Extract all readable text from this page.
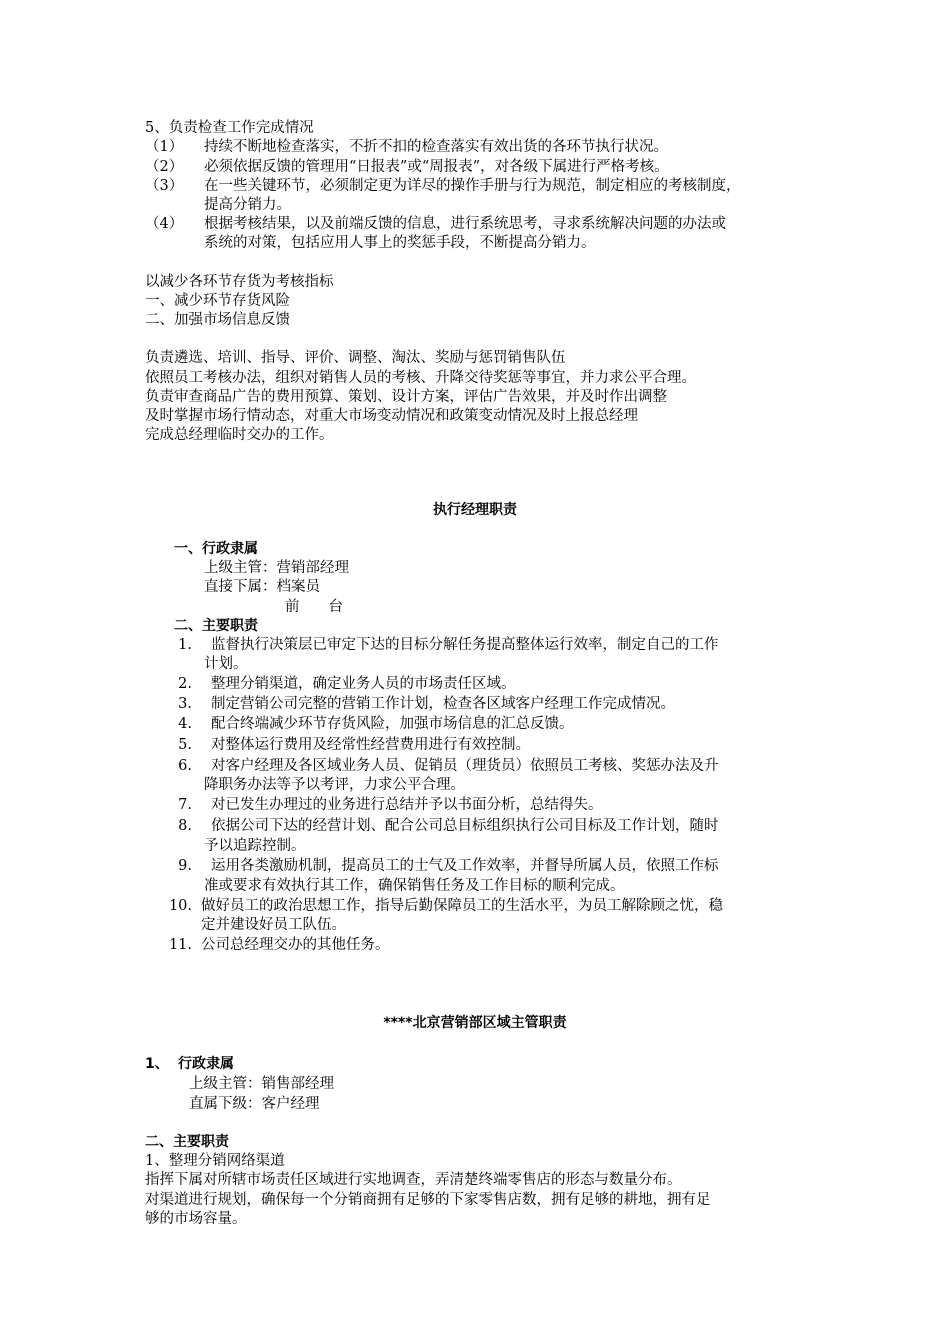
5、负责检查工作完成情况
（1） 持续不断地检查落实，不折不扣的检查落实有效出货的各环节执行状况。
（2） 必须依据反馈的管理用“日报表”或“周报表”，对各级下属进行严格考核。
（3） 在一些关键环节，必须制定更为详尽的操作手册与行为规范，制定相应的考核制度，
提高分销力。
（4） 根据考核结果，以及前端反馈的信息，进行系统思考，寻求系统解决问题的办法或
系统的对策，包括应用人事上的奖惩手段，不断提高分销力。
以减少各环节存货为考核指标
一、减少环节存货风险
二、加强市场信息反馈
负责遴选、培训、指导、评价、调整、淘汰、奖励与惩罚销售队伍
依照员工考核办法，组织对销售人员的考核、升降交待奖惩等事宜，并力求公平合理。
负责审查商品广告的费用预算、策划、设计方案，评估广告效果，并及时作出调整
及时掌握市场行情动态，对重大市场变动情况和政策变动情况及时上报总经理
完成总经理临时交办的工作。
执行经理职责
一、行政隶属
上级主管：营销部经理
直接下属：档案员
前　　台
二、主要职责
1. 监督执行决策层已审定下达的目标分解任务提高整体运行效率，制定自己的工作
计划。
2. 整理分销渠道，确定业务人员的市场责任区域。
3. 制定营销公司完整的营销工作计划，检查各区域客户经理工作完成情况。
4. 配合终端减少环节存货风险，加强市场信息的汇总反馈。
5. 对整体运行费用及经常性经营费用进行有效控制。
6. 对客户经理及各区域业务人员、促销员（理货员）依照员工考核、奖惩办法及升
降职务办法等予以考评，力求公平合理。
7. 对已发生办理过的业务进行总结并予以书面分析，总结得失。
8. 依据公司下达的经营计划、配合公司总目标组织执行公司目标及工作计划，随时
予以追踪控制。
9. 运用各类激励机制，提高员工的士气及工作效率，并督导所属人员，依照工作标
准或要求有效执行其工作，确保销售任务及工作目标的顺利完成。
10. 做好员工的政治思想工作，指导后勤保障员工的生活水平，为员工解除顾之忧，稳
定并建设好员工队伍。
11. 公司总经理交办的其他任务。
****北京营销部区域主管职责
1、 行政隶属
上级主管：销售部经理
直属下级：客户经理
二、主要职责
1、整理分销网络渠道
指挥下属对所辖市场责任区域进行实地调查，弄清楚终端零售店的形态与数量分布。
对渠道进行规划，确保每一个分销商拥有足够的下家零售店数，拥有足够的耕地，拥有足
够的市场容量。
